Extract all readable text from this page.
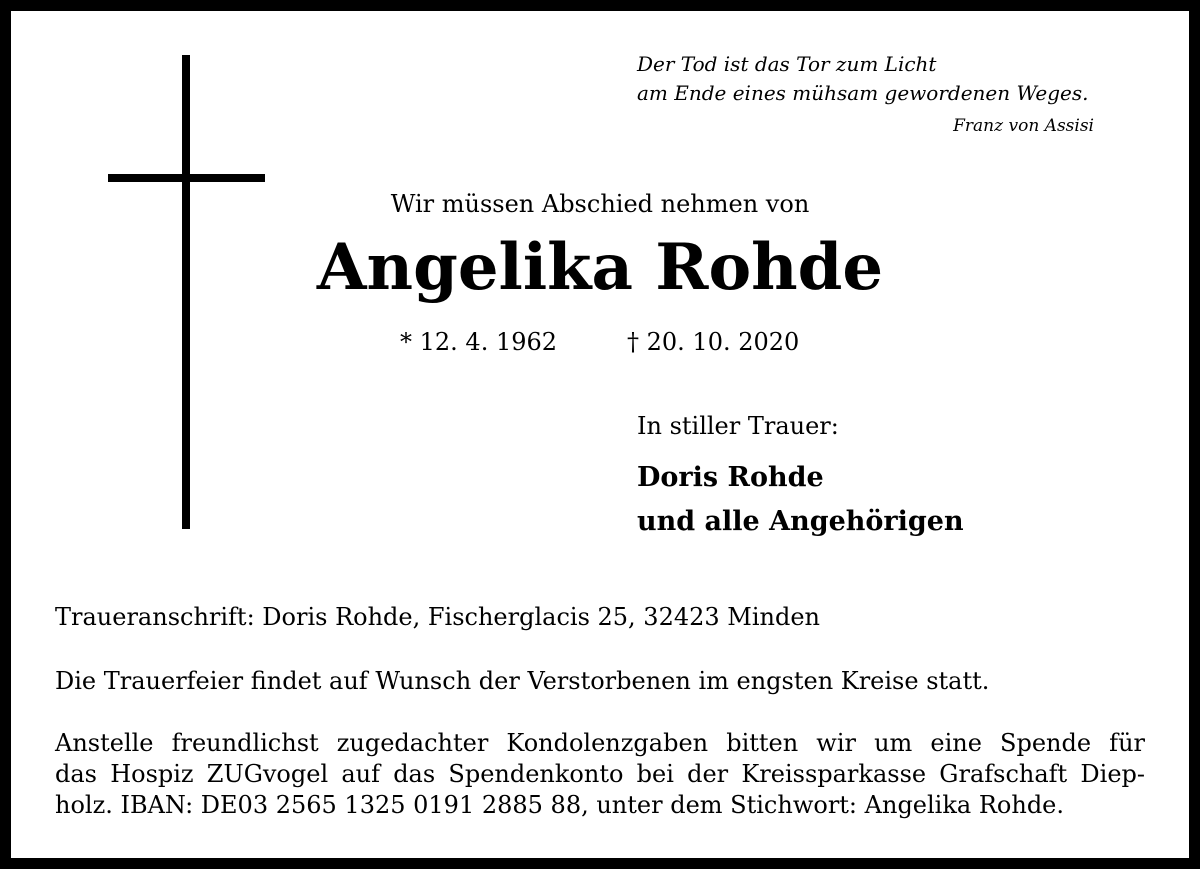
Der Tod ist das Tor zum Licht
am Ende eines mühsam gewordenen Weges.
Franz von Assisi
Wir müssen Abschied nehmen von
Angelika Rohde
* 12. 4. 1962	† 20. 10. 2020
In stiller Trauer:
Doris Rohde
und alle Angehörigen
Traueranschrift: Doris Rohde, Fischerglacis 25, 32423 Minden
Die Trauerfeier findet auf Wunsch der Verstorbenen im engsten Kreise statt.
Anstelle freundlichst zugedachter Kondolenzgaben bitten wir um eine Spende für
das Hospiz ZUGvogel auf das Spendenkonto bei der Kreissparkasse Grafschaft Diep-
holz. IBAN: DE03 2565 1325 0191 2885 88, unter dem Stichwort: Angelika Rohde.
